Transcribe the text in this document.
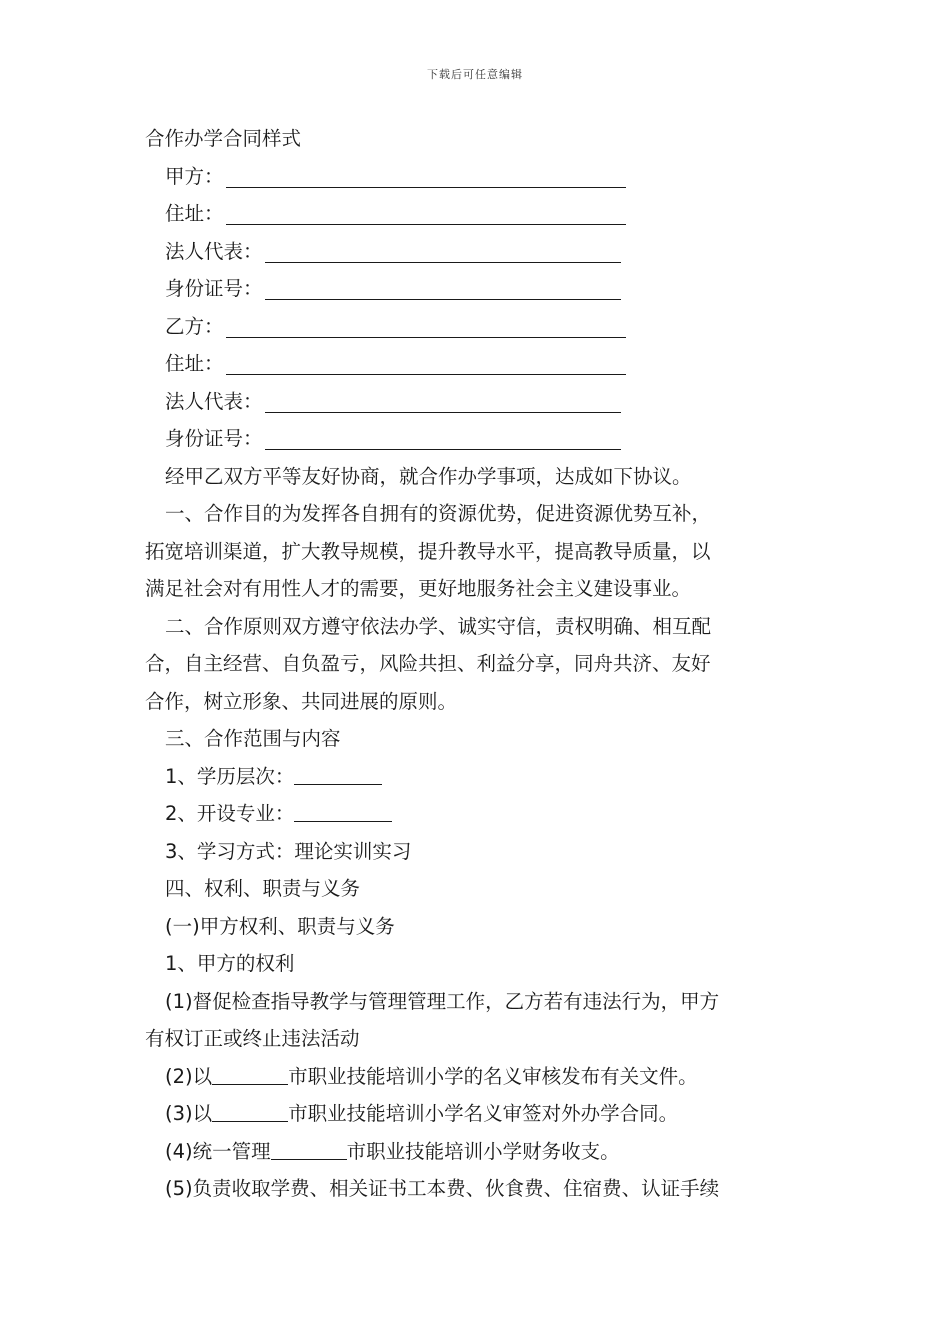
下载后可任意编辑
合作办学合同样式
甲方：
住址：
法人代表：
身份证号：
乙方：
住址：
法人代表：
身份证号：
经甲乙双方平等友好协商，就合作办学事项，达成如下协议。
一、合作目的为发挥各自拥有的资源优势，促进资源优势互补，
拓宽培训渠道，扩大教导规模，提升教导水平，提高教导质量，以
满足社会对有用性人才的需要，更好地服务社会主义建设事业。
二、合作原则双方遵守依法办学、诚实守信，责权明确、相互配
合，自主经营、自负盈亏，风险共担、利益分享，同舟共济、友好
合作，树立形象、共同进展的原则。
三、合作范围与内容
1、学历层次：
2、开设专业：
3、学习方式：理论实训实习
四、权利、职责与义务
(一)甲方权利、职责与义务
1、甲方的权利
(1)督促检查指导教学与管理管理工作，乙方若有违法行为，甲方
有权订正或终止违法活动
(2)以	市职业技能培训小学的名义审核发布有关文件。
(3)以	市职业技能培训小学名义审签对外办学合同。
(4)统一管理	市职业技能培训小学财务收支。
(5)负责收取学费、相关证书工本费、伙食费、住宿费、认证手续
